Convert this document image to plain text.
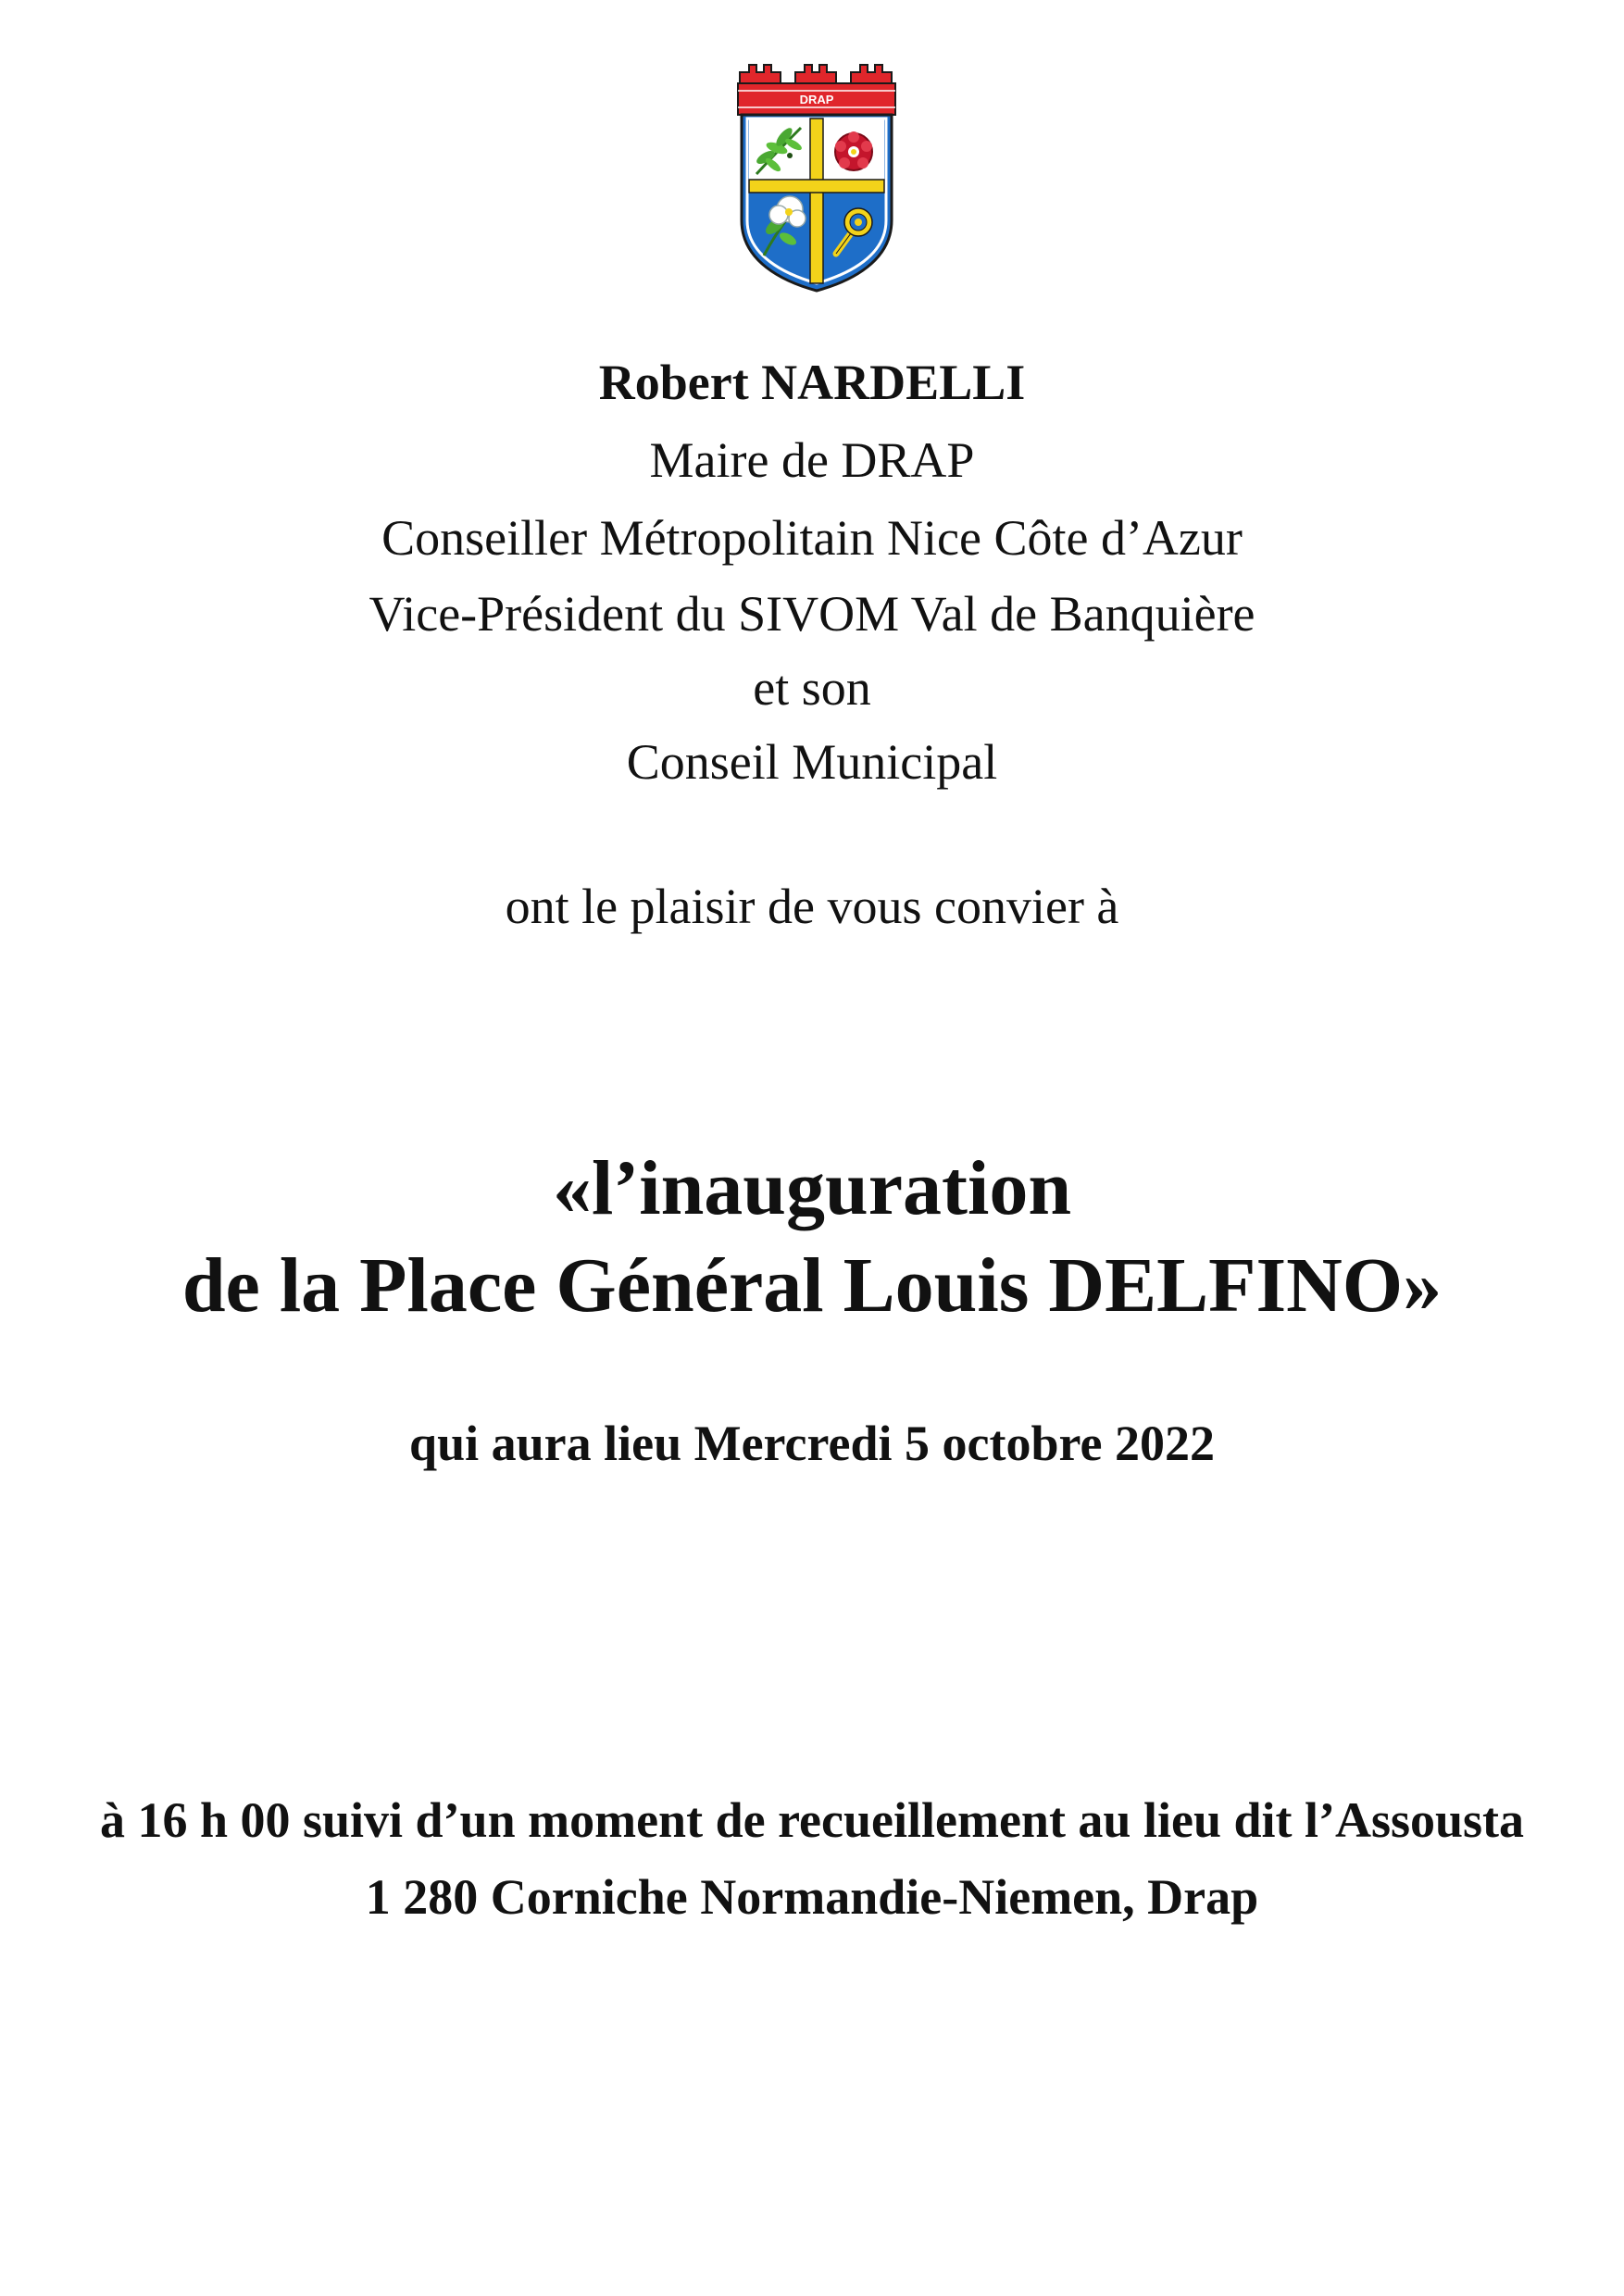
DRAP
Robert NARDELLI
Maire de DRAP
Conseiller Métropolitain Nice Côte d’Azur
Vice-Président du SIVOM Val de Banquière
et son
Conseil Municipal
ont le plaisir de vous convier à
«l’inauguration
de la Place Général Louis DELFINO»
qui aura lieu Mercredi 5 octobre 2022
à 16 h 00 suivi d’un moment de recueillement au lieu dit l’Assousta
1 280 Corniche Normandie-Niemen, Drap
